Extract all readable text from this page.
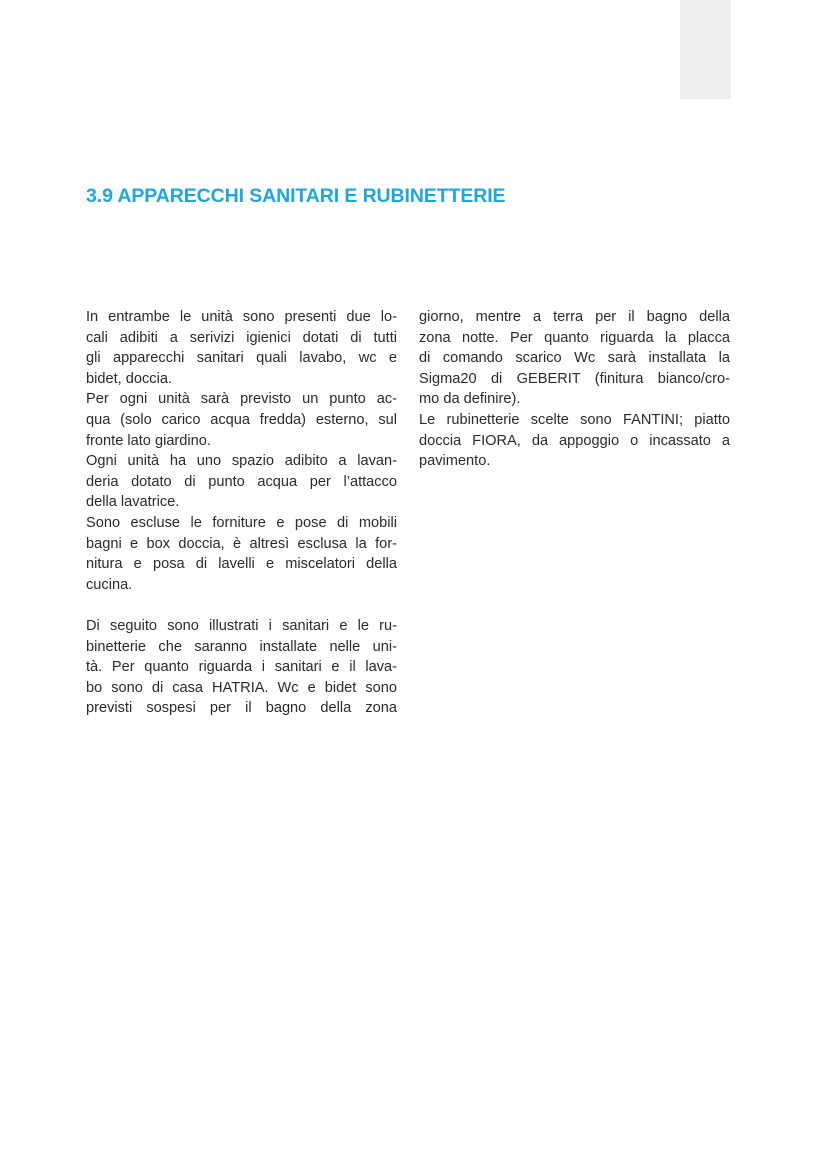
3.9 APPARECCHI SANITARI E RUBINETTERIE
In entrambe le unità sono presenti due lo-
cali adibiti a serivizi igienici dotati di tutti
gli apparecchi sanitari quali lavabo, wc e
bidet, doccia.
Per ogni unità sarà previsto un punto ac-
qua (solo carico acqua fredda) esterno, sul
fronte lato giardino.
Ogni unità ha uno spazio adibito a lavan-
deria dotato di punto acqua per l’attacco
della lavatrice.
Sono escluse le forniture e pose di mobili
bagni e box doccia, è altresì esclusa la for-
nitura e posa di lavelli e miscelatori della
cucina.
Di seguito sono illustrati i sanitari e le ru-
binetterie che saranno installate nelle uni-
tà. Per quanto riguarda i sanitari e il lava-
bo sono di casa HATRIA. Wc e bidet sono
previsti sospesi per il bagno della zona
giorno, mentre a terra per il bagno della
zona notte. Per quanto riguarda la placca
di comando scarico Wc sarà installata la
Sigma20 di GEBERIT (finitura bianco/cro-
mo da definire).
Le rubinetterie scelte sono FANTINI; piatto
doccia FIORA, da appoggio o incassato a
pavimento.
